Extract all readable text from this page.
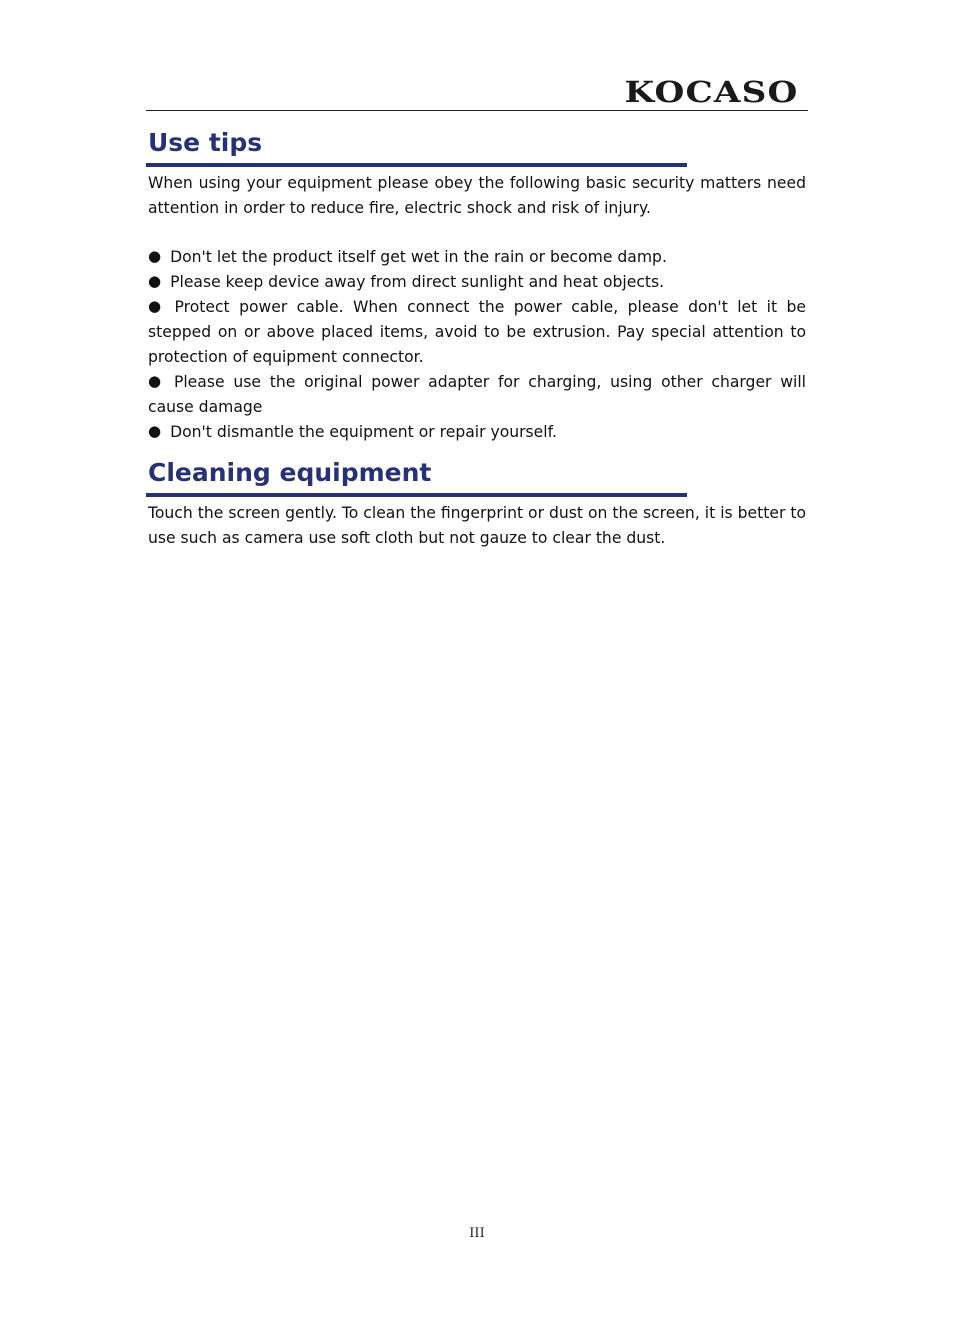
KOCASO
Use tips

When using your equipment please obey the following basic security matters need attention in order to reduce fire, electric shock and risk of injury.

● Don't let the product itself get wet in the rain or become damp.

● Please keep device away from direct sunlight and heat objects.

● Protect power cable. When connect the power cable, please don't let it be stepped on or above placed items, avoid to be extrusion. Pay special attention to protection of equipment connector.

● Please use the original power adapter for charging, using other charger will cause damage

● Don't dismantle the equipment or repair yourself.

Cleaning equipment

Touch the screen gently. To clean the fingerprint or dust on the screen, it is better to use such as camera use soft cloth but not gauze to clear the dust.

III
